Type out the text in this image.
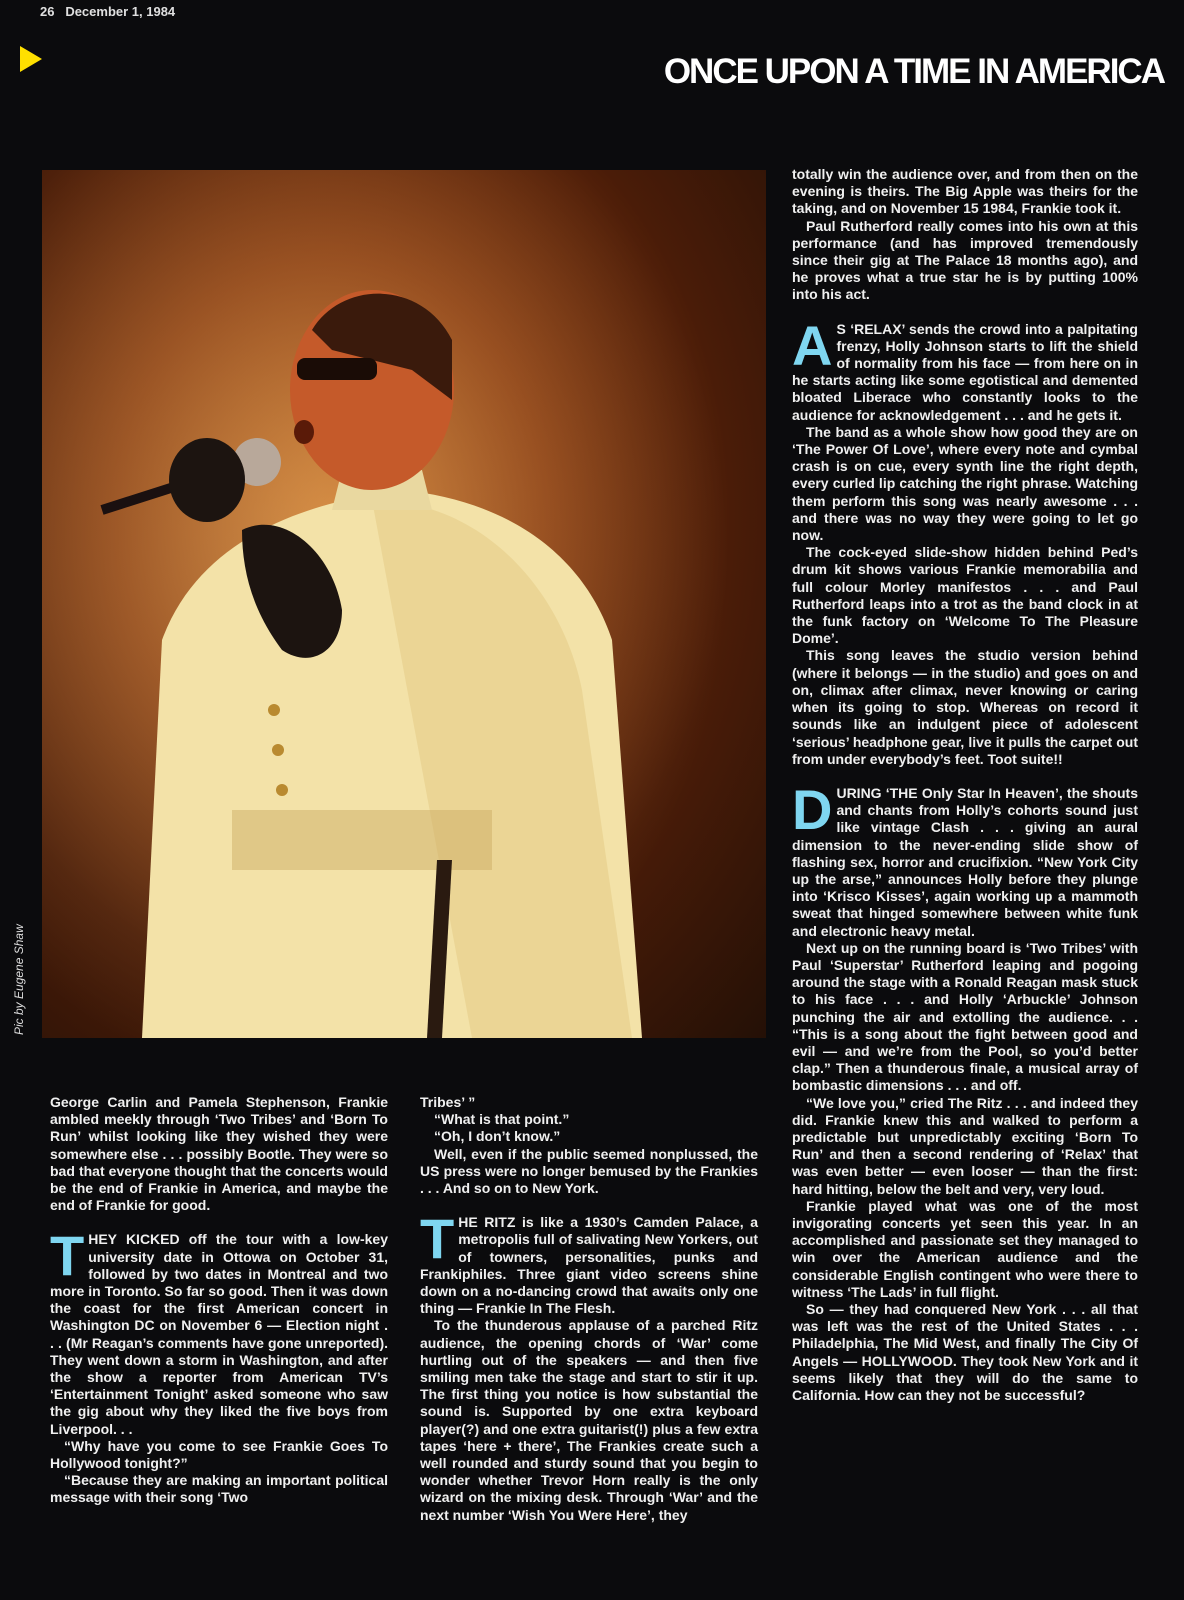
26 December 1, 1984
ONCE UPON A TIME IN AMERICA
Pic by Eugene Shaw

George Carlin and Pamela Stephenson, Frankie ambled meekly through ‘Two Tribes’ and ‘Born To Run’ whilst looking like they wished they were somewhere else . . . possibly Bootle. They were so bad that everyone thought that the concerts would be the end of Frankie in America, and maybe the end of Frankie for good.

THEY KICKED off the tour with a low-key university date in Ottowa on October 31, followed by two dates in Montreal and two more in Toronto. So far so good. Then it was down the coast for the first American concert in Washington DC on November 6 — Election night . . . (Mr Reagan’s comments have gone unreported). They went down a storm in Washington, and after the show a reporter from American TV’s ‘Entertainment Tonight’ asked someone who saw the gig about why they liked the five boys from Liverpool. . .

“Why have you come to see Frankie Goes To Hollywood tonight?”

“Because they are making an important political message with their song ‘Two

Tribes’ ”

“What is that point.”

“Oh, I don’t know.”

Well, even if the public seemed nonplussed, the US press were no longer bemused by the Frankies . . . And so on to New York.

THE RITZ is like a 1930’s Camden Palace, a metropolis full of salivating New Yorkers, out of towners, personalities, punks and Frankiphiles. Three giant video screens shine down on a no-dancing crowd that awaits only one thing — Frankie In The Flesh.

To the thunderous applause of a parched Ritz audience, the opening chords of ‘War’ come hurtling out of the speakers — and then five smiling men take the stage and start to stir it up. The first thing you notice is how substantial the sound is. Supported by one extra keyboard player(?) and one extra guitarist(!) plus a few extra tapes ‘here + there’, The Frankies create such a well rounded and sturdy sound that you begin to wonder whether Trevor Horn really is the only wizard on the mixing desk. Through ‘War’ and the next number ‘Wish You Were Here’, they

totally win the audience over, and from then on the evening is theirs. The Big Apple was theirs for the taking, and on November 15 1984, Frankie took it.

Paul Rutherford really comes into his own at this performance (and has improved tremendously since their gig at The Palace 18 months ago), and he proves what a true star he is by putting 100% into his act.

A S ‘RELAX’ sends the crowd into a palpitating frenzy, Holly Johnson starts to lift the shield of normality from his face — from here on in he starts acting like some egotistical and demented bloated Liberace who constantly looks to the audience for acknowledgement . . . and he gets it.

The band as a whole show how good they are on ‘The Power Of Love’, where every note and cymbal crash is on cue, every synth line the right depth, every curled lip catching the right phrase. Watching them perform this song was nearly awesome . . . and there was no way they were going to let go now.

The cock-eyed slide-show hidden behind Ped’s drum kit shows various Frankie memorabilia and full colour Morley manifestos . . . and Paul Rutherford leaps into a trot as the band clock in at the funk factory on ‘Welcome To The Pleasure Dome’.

This song leaves the studio version behind (where it belongs — in the studio) and goes on and on, climax after climax, never knowing or caring when its going to stop. Whereas on record it sounds like an indulgent piece of adolescent ‘serious’ headphone gear, live it pulls the carpet out from under everybody’s feet. Toot suite!!

DURING ‘THE Only Star In Heaven’, the shouts and chants from Holly’s cohorts sound just like vintage Clash . . . giving an aural dimension to the never-ending slide show of flashing sex, horror and crucifixion. “New York City up the arse,” announces Holly before they plunge into ‘Krisco Kisses’, again working up a mammoth sweat that hinged somewhere between white funk and electronic heavy metal.

Next up on the running board is ‘Two Tribes’ with Paul ‘Superstar’ Rutherford leaping and pogoing around the stage with a Ronald Reagan mask stuck to his face . . . and Holly ‘Arbuckle’ Johnson punching the air and extolling the audience. . . “This is a song about the fight between good and evil — and we’re from the Pool, so you’d better clap.” Then a thunderous finale, a musical array of bombastic dimensions . . . and off.

“We love you,” cried The Ritz . . . and indeed they did. Frankie knew this and walked to perform a predictable but unpredictably exciting ‘Born To Run’ and then a second rendering of ‘Relax’ that was even better — even looser — than the first: hard hitting, below the belt and very, very loud.

Frankie played what was one of the most invigorating concerts yet seen this year. In an accomplished and passionate set they managed to win over the American audience and the considerable English contingent who were there to witness ‘The Lads’ in full flight.

So — they had conquered New York . . . all that was left was the rest of the United States . . . Philadelphia, The Mid West, and finally The City Of Angels — HOLLYWOOD. They took New York and it seems likely that they will do the same to California. How can they not be successful?
